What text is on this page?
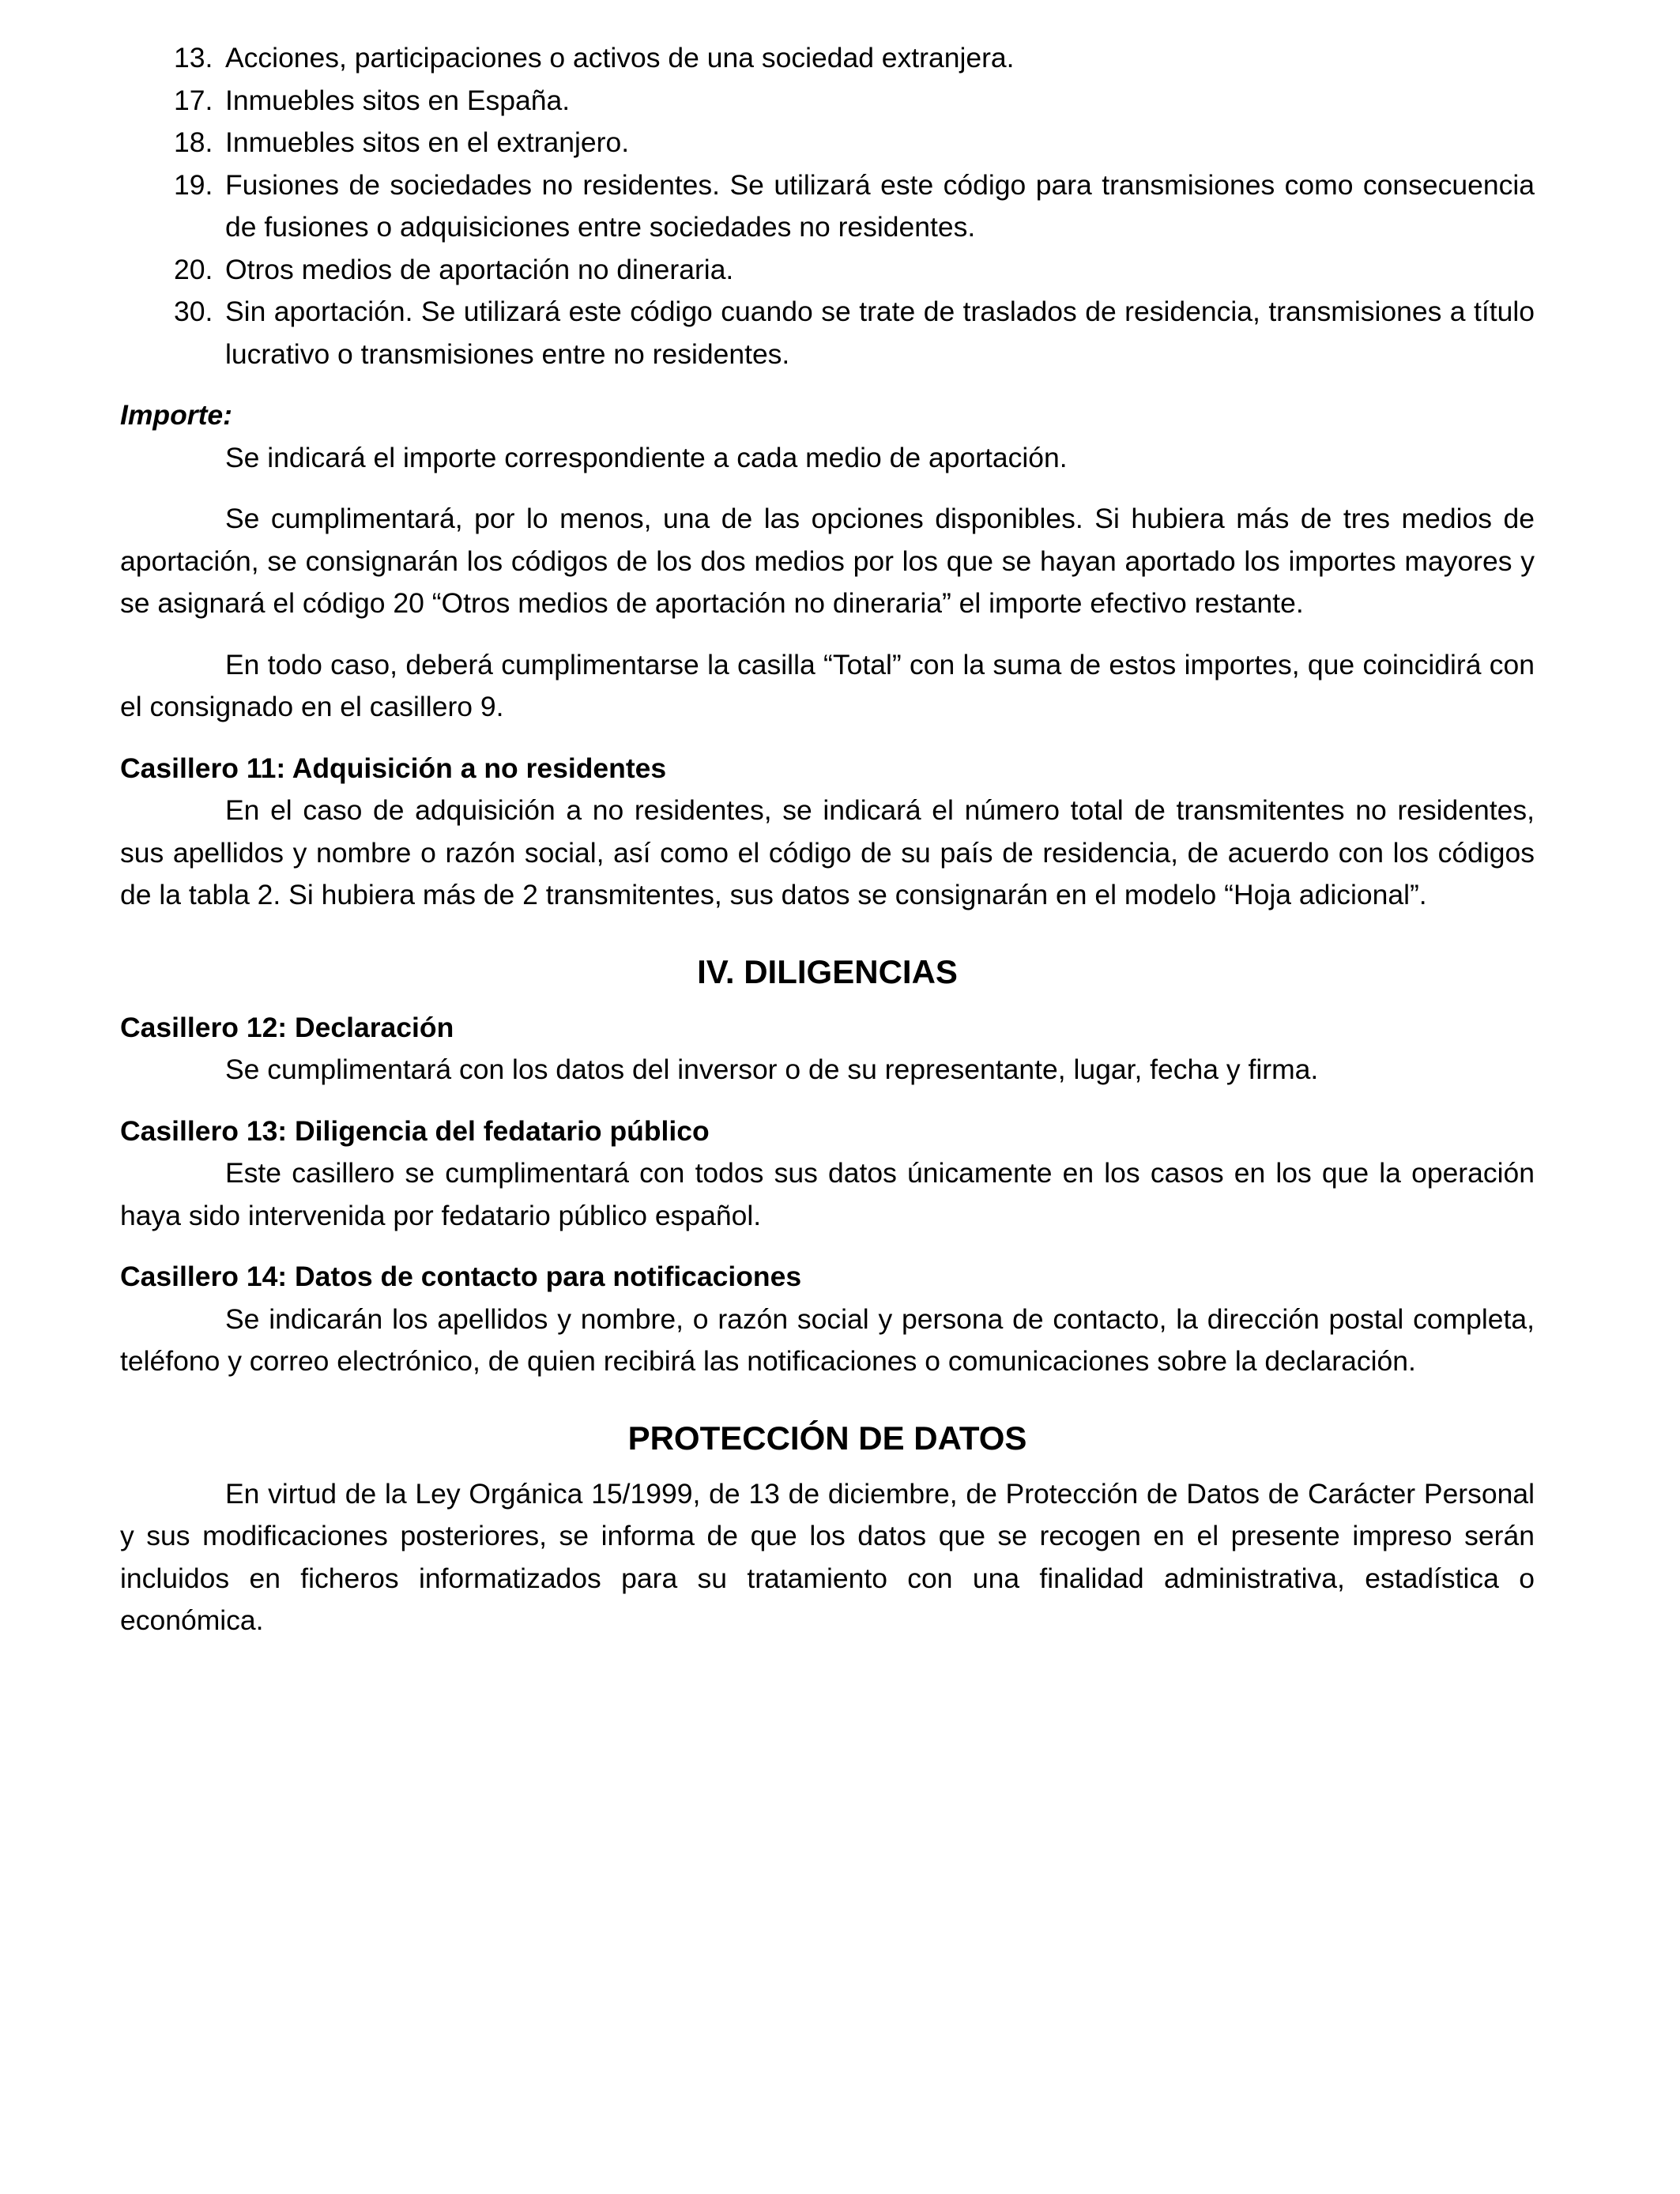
13. Acciones, participaciones o activos de una sociedad extranjera.
17. Inmuebles sitos en España.
18. Inmuebles sitos en el extranjero.
19. Fusiones de sociedades no residentes. Se utilizará este código para transmisiones como consecuencia de fusiones o adquisiciones entre sociedades no residentes.
20. Otros medios de aportación no dineraria.
30. Sin aportación. Se utilizará este código cuando se trate de traslados de residencia, transmisiones a título lucrativo o transmisiones entre no residentes.
Importe:

Se indicará el importe correspondiente a cada medio de aportación.

Se cumplimentará, por lo menos, una de las opciones disponibles. Si hubiera más de tres medios de aportación, se consignarán los códigos de los dos medios por los que se hayan aportado los importes mayores y se asignará el código 20 “Otros medios de aportación no dineraria” el importe efectivo restante.

En todo caso, deberá cumplimentarse la casilla “Total” con la suma de estos importes, que coincidirá con el consignado en el casillero 9.

Casillero 11: Adquisición a no residentes

En el caso de adquisición a no residentes, se indicará el número total de transmitentes no residentes, sus apellidos y nombre o razón social, así como el código de su país de residencia, de acuerdo con los códigos de la tabla 2. Si hubiera más de 2 transmitentes, sus datos se consignarán en el modelo “Hoja adicional”.

IV. DILIGENCIAS
Casillero 12: Declaración

Se cumplimentará con los datos del inversor o de su representante, lugar, fecha y firma.

Casillero 13: Diligencia del fedatario público

Este casillero se cumplimentará con todos sus datos únicamente en los casos en los que la operación haya sido intervenida por fedatario público español.

Casillero 14: Datos de contacto para notificaciones

Se indicarán los apellidos y nombre, o razón social y persona de contacto, la dirección postal completa, teléfono y correo electrónico, de quien recibirá las notificaciones o comunicaciones sobre la declaración.

PROTECCIÓN DE DATOS

En virtud de la Ley Orgánica 15/1999, de 13 de diciembre, de Protección de Datos de Carácter Personal y sus modificaciones posteriores, se informa de que los datos que se recogen en el presente impreso serán incluidos en ficheros informatizados para su tratamiento con una finalidad administrativa, estadística o económica.
